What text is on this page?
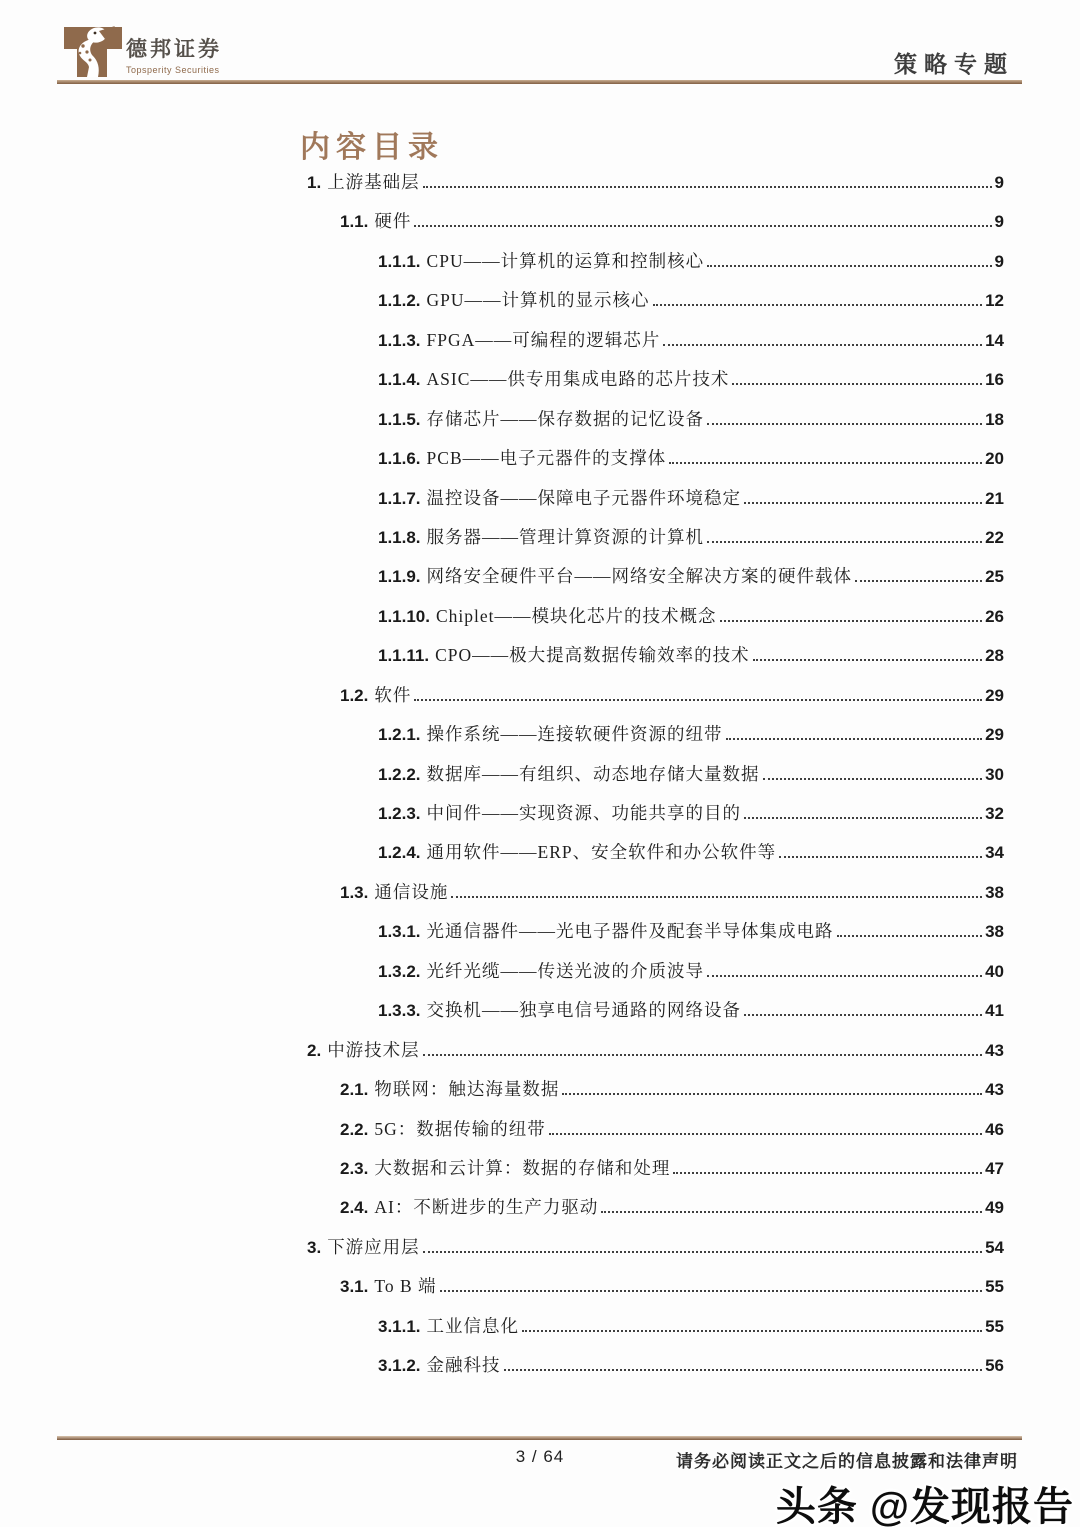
德邦证券
Topsperity Securities	策略专题
内容目录
1. 上游基础层	9
1.1. 硬件	9
1.1.1. CPU——计算机的运算和控制核心	9
1.1.2. GPU——计算机的显示核心	12
1.1.3. FPGA——可编程的逻辑芯片	14
1.1.4. ASIC——供专用集成电路的芯片技术	16
1.1.5. 存储芯片——保存数据的记忆设备	18
1.1.6. PCB——电子元器件的支撑体	20
1.1.7. 温控设备——保障电子元器件环境稳定	21
1.1.8. 服务器——管理计算资源的计算机	22
1.1.9. 网络安全硬件平台——网络安全解决方案的硬件载体	25
1.1.10. Chiplet——模块化芯片的技术概念	26
1.1.11. CPO——极大提高数据传输效率的技术	28
1.2. 软件	29
1.2.1. 操作系统——连接软硬件资源的纽带	29
1.2.2. 数据库——有组织、动态地存储大量数据	30
1.2.3. 中间件——实现资源、功能共享的目的	32
1.2.4. 通用软件——ERP、安全软件和办公软件等	34
1.3. 通信设施	38
1.3.1. 光通信器件——光电子器件及配套半导体集成电路	38
1.3.2. 光纤光缆——传送光波的介质波导	40
1.3.3. 交换机——独享电信号通路的网络设备	41
2. 中游技术层	43
2.1. 物联网：触达海量数据	43
2.2. 5G：数据传输的纽带	46
2.3. 大数据和云计算：数据的存储和处理	47
2.4. AI：不断进步的生产力驱动	49
3. 下游应用层	54
3.1. To B 端	55
3.1.1. 工业信息化	55
3.1.2. 金融科技	56
3 / 64	请务必阅读正文之后的信息披露和法律声明
头条 @发现报告
